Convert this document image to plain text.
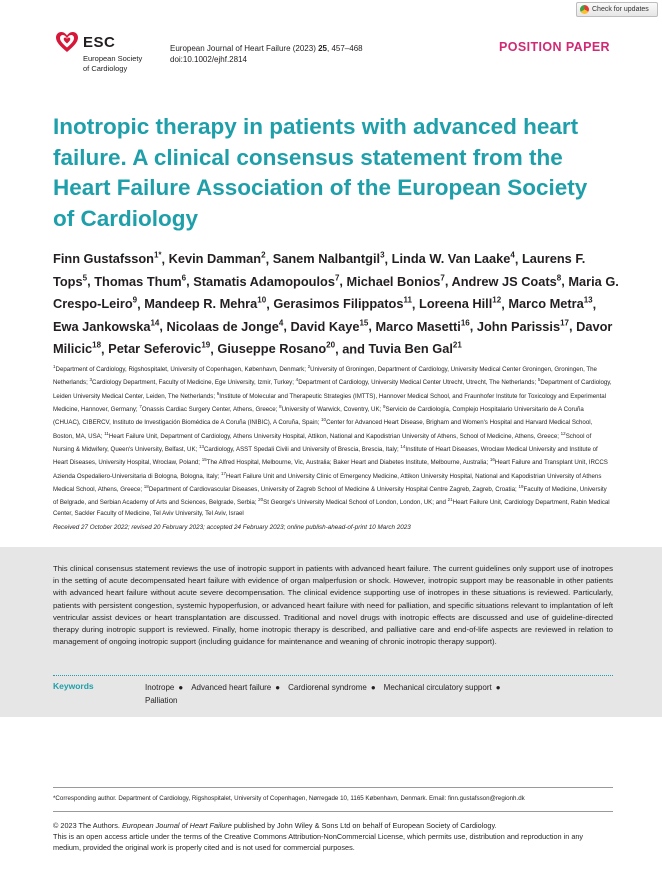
Check for updates
ESC
European Society
of Cardiology
European Journal of Heart Failure (2023) 25, 457–468
doi:10.1002/ejhf.2814
POSITION PAPER
Inotropic therapy in patients with advanced heart failure. A clinical consensus statement from the Heart Failure Association of the European Society of Cardiology
Finn Gustafsson$^{1*}$, Kevin Damman$^2$, Sanem Nalbantgil$^3$, Linda W. Van Laake$^4$, Laurens F. Tops$^5$, Thomas Thum$^6$, Stamatis Adamopoulos$^7$, Michael Bonios$^7$, Andrew JS Coats$^8$, Maria G. Crespo-Leiro$^9$, Mandeep R. Mehra$^{10}$, Gerasimos Filippatos$^{11}$, Loreena Hill$^{12}$, Marco Metra$^{13}$, Ewa Jankowska$^{14}$, Nicolaas de Jonge$^4$, David Kaye$^{15}$, Marco Masetti$^{16}$, John Parissis$^{17}$, Davor Milicic$^{18}$, Petar Seferovic$^{19}$, Giuseppe Rosano$^{20}$, and Tuvia Ben Gal$^{21}$
$^1$Department of Cardiology, Rigshospitalet, University of Copenhagen, København, Denmark; $^2$University of Groningen, Department of Cardiology, University Medical Center Groningen, Groningen, The Netherlands; $^3$Cardiology Department, Faculty of Medicine, Ege University, Izmir, Turkey; $^4$Department of Cardiology, University Medical Center Utrecht, Utrecht, The Netherlands; $^5$Department of Cardiology, Leiden University Medical Center, Leiden, The Netherlands; $^6$Institute of Molecular and Therapeutic Strategies (IMTTS), Hannover Medical School, and Fraunhofer Institute for Toxicology and Experimental Medicine, Hannover, Germany; $^7$Onassis Cardiac Surgery Center, Athens, Greece; $^8$University of Warwick, Coventry, UK; $^9$Servicio de Cardiología, Complejo Hospitalario Universitario de A Coruña (CHUAC), CIBERCV, Instituto de Investigación Biomédica de A Coruña (INIBIC), A Coruña, Spain; $^{10}$Center for Advanced Heart Disease, Brigham and Women's Hospital and Harvard Medical School, Boston, MA, USA; $^{11}$Heart Failure Unit, Department of Cardiology, Athens University Hospital, Attikon, National and Kapodistrian University of Athens, School of Medicine, Athens, Greece; $^{12}$School of Nursing & Midwifery, Queen's University, Belfast, UK; $^{13}$Cardiology, ASST Spedali Civili and University of Brescia, Brescia, Italy; $^{14}$Institute of Heart Diseases, Wroclaw Medical University and Institute of Heart Diseases, University Hospital, Wroclaw, Poland; $^{15}$The Alfred Hospital, Melbourne, Vic, Australia; Baker Heart and Diabetes Institute, Melbourne, Australia; $^{16}$Heart Failure and Transplant Unit, IRCCS Azienda Ospedaliero-Universitaria di Bologna, Bologna, Italy; $^{17}$Heart Failure Unit and University Clinic of Emergency Medicine, Attikon University Hospital, National and Kapodistrian University of Athens Medical School, Athens, Greece; $^{18}$Department of Cardiovascular Diseases, University of Zagreb School of Medicine & University Hospital Centre Zagreb, Zagreb, Croatia; $^{19}$Faculty of Medicine, University of Belgrade, and Serbian Academy of Arts and Sciences, Belgrade, Serbia; $^{20}$St George's University Medical School of London, London, UK; and $^{21}$Heart Failure Unit, Cardiology Department, Rabin Medical Center, Sackler Faculty of Medicine, Tel Aviv University, Tel Aviv, Israel
Received 27 October 2022; revised 20 February 2023; accepted 24 February 2023; online publish-ahead-of-print 10 March 2023

This clinical consensus statement reviews the use of inotropic support in patients with advanced heart failure. The current guidelines only support use of inotropes in the setting of acute decompensated heart failure with evidence of organ malperfusion or shock. However, inotropic support may be reasonable in other patients with advanced heart failure without acute severe decompensation. The clinical evidence supporting use of inotropes in these situations is reviewed. Particularly, patients with persistent congestion, systemic hypoperfusion, or advanced heart failure with need for palliation, and specific situations relevant to implantation of left ventricular assist devices or heart transplantation are discussed. Traditional and novel drugs with inotropic effects are discussed and use of guideline-directed therapy during inotropic support is reviewed. Finally, home inotropic therapy is described, and palliative care and end-of-life aspects are reviewed in relation to management of ongoing inotropic support (including guidance for maintenance and weaning of chronic inotropic therapy support).

Keywords	Inotrope ● Advanced heart failure ● Cardiorenal syndrome ● Mechanical circulatory support ●
Palliation
*Corresponding author. Department of Cardiology, Rigshospitalet, University of Copenhagen, Nørregade 10, 1165 København, Denmark. Email: finn.gustafsson@regionh.dk
© 2023 The Authors. European Journal of Heart Failure published by John Wiley & Sons Ltd on behalf of European Society of Cardiology.
This is an open access article under the terms of the Creative Commons Attribution-NonCommercial License, which permits use, distribution and reproduction in any medium, provided the original work is properly cited and is not used for commercial purposes.
